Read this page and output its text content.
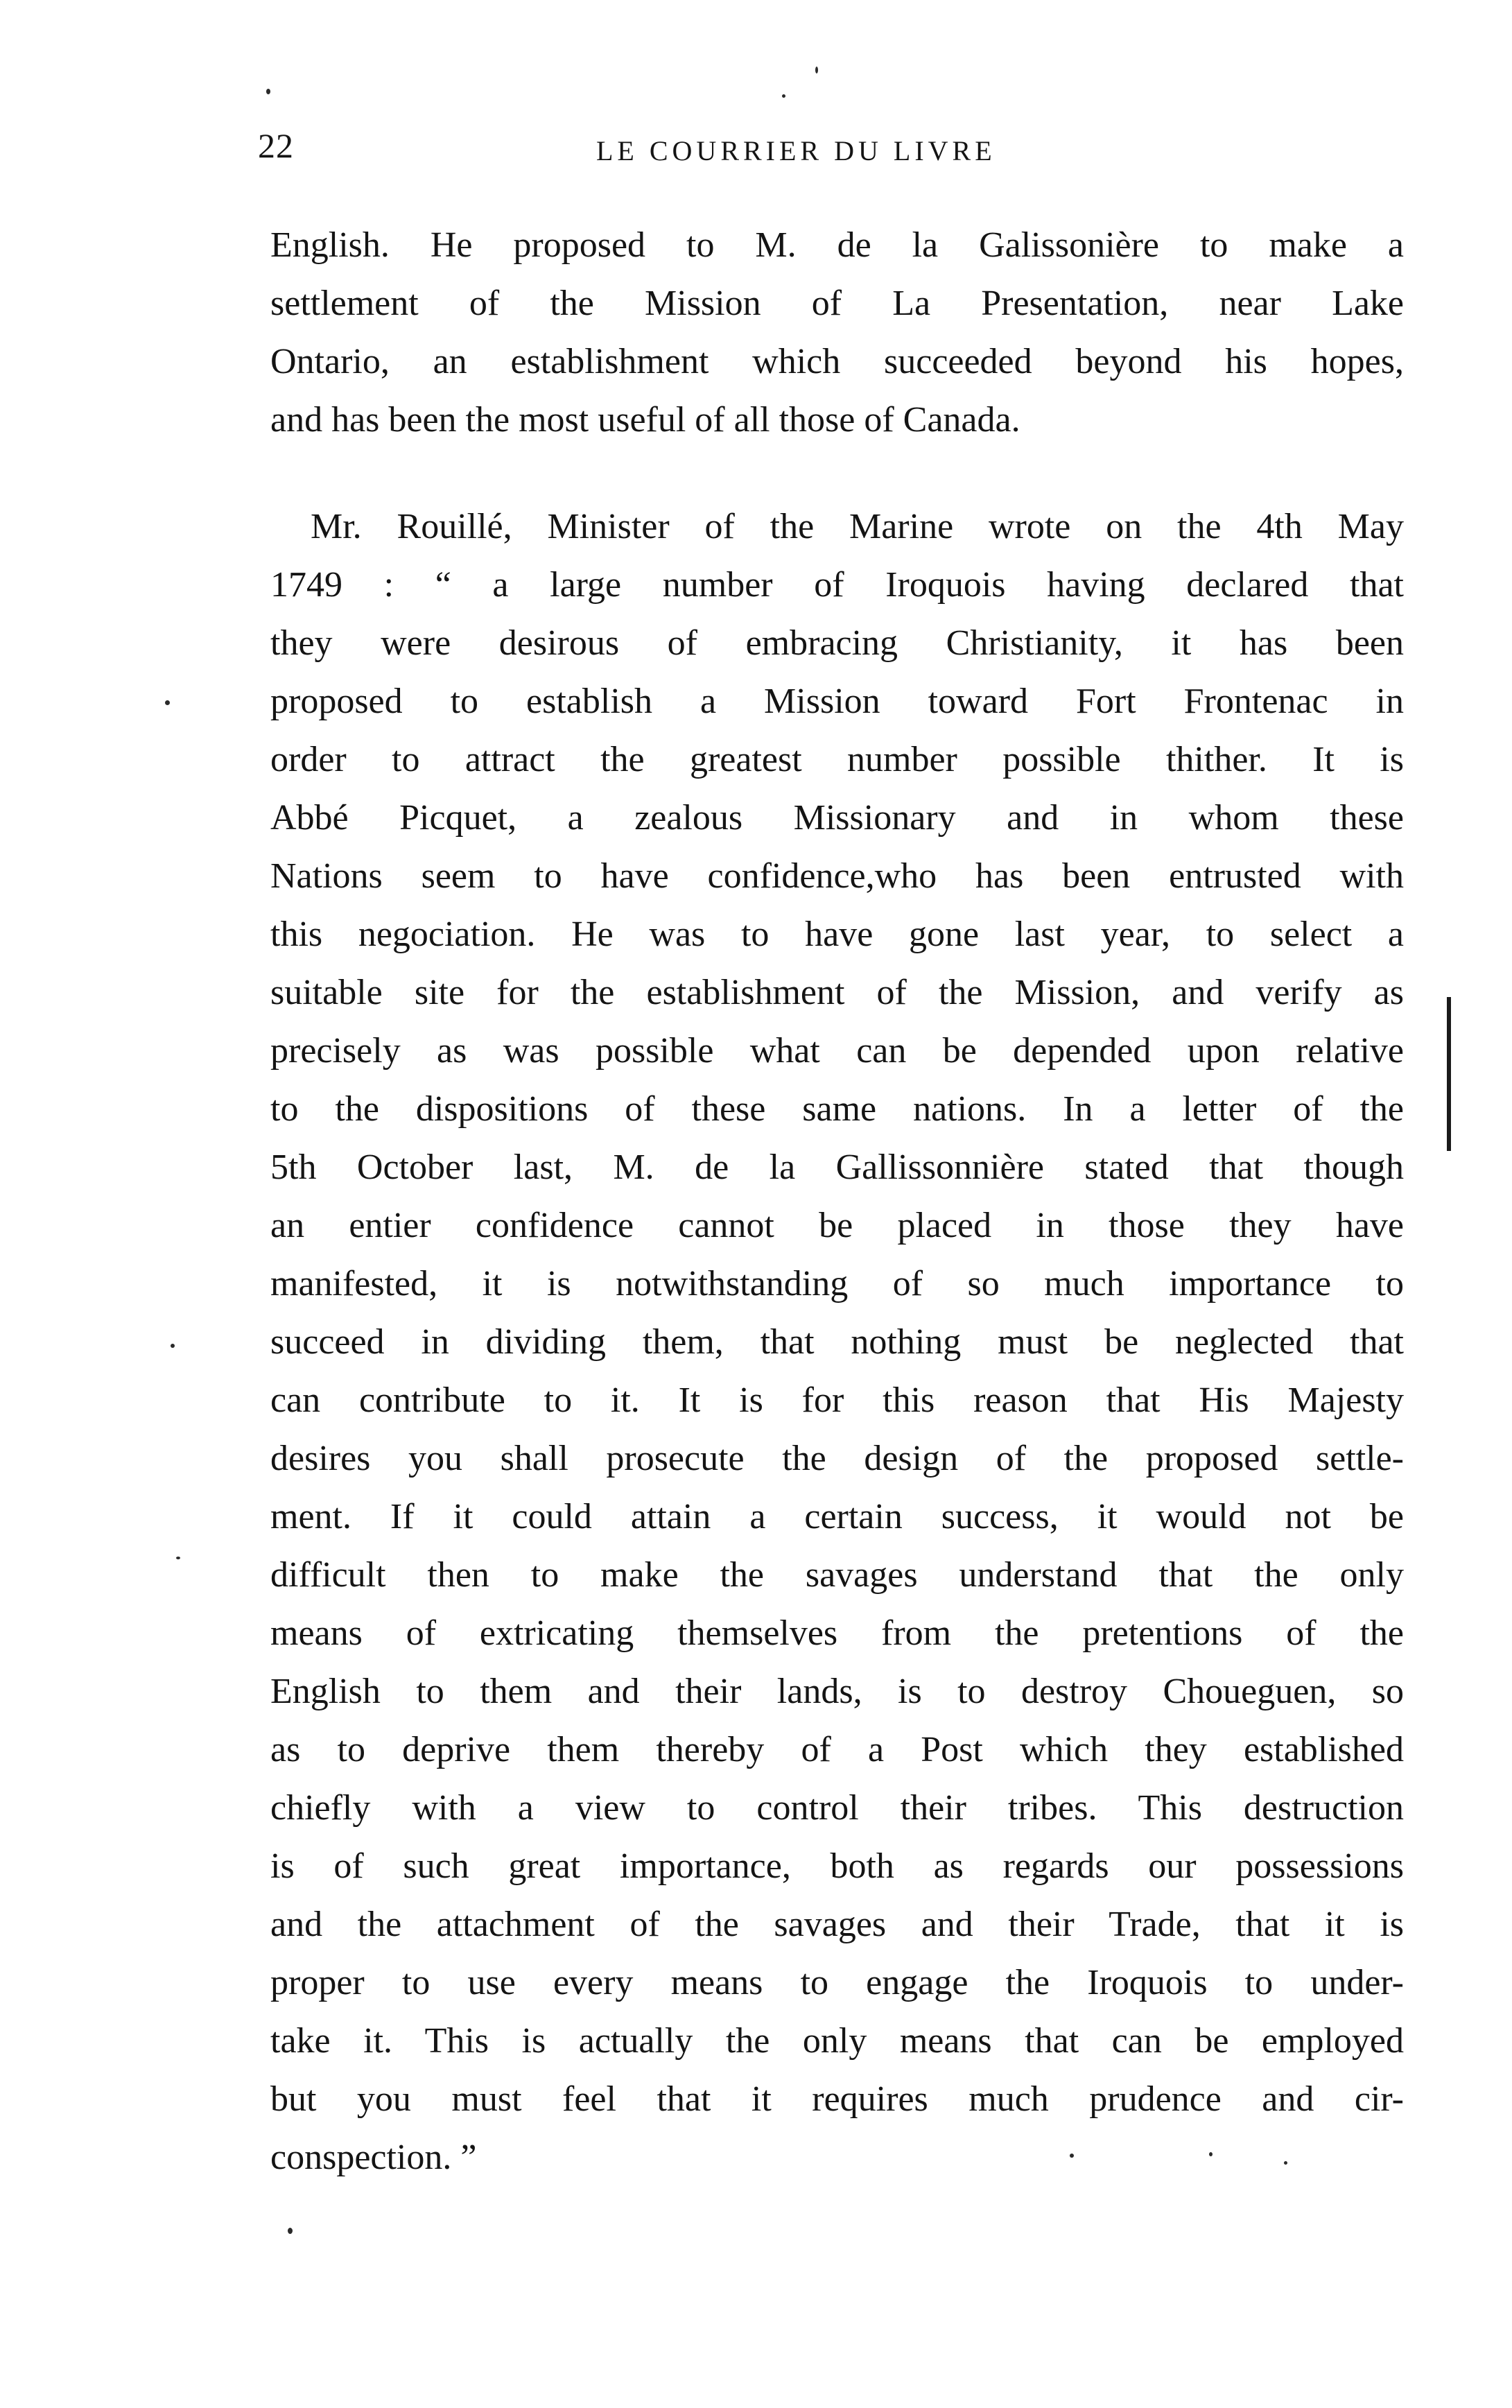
22	LE COURRIER DU LIVRE
English. He proposed to M. de la Galissonière to make a
settlement of the Mission of La Presentation, near Lake
Ontario, an establishment which succeeded beyond his hopes,
and has been the most useful of all those of Canada.
Mr. Rouillé, Minister of the Marine wrote on the 4th May
1749 : “ a large number of Iroquois having declared that
they were desirous of embracing Christianity, it has been
proposed to establish a Mission toward Fort Frontenac in
order to attract the greatest number possible thither. It is
Abbé Picquet, a zealous Missionary and in whom these
Nations seem to have confidence,who has been entrusted with
this negociation. He was to have gone last year, to select a
suitable site for the establishment of the Mission, and verify as
precisely as was possible what can be depended upon relative
to the dispositions of these same nations. In a letter of the
5th October last, M. de la Gallissonnière stated that though
an entier confidence cannot be placed in those they have
manifested, it is notwithstanding of so much importance to
succeed in dividing them, that nothing must be neglected that
can contribute to it. It is for this reason that His Majesty
desires you shall prosecute the design of the proposed settle-
ment. If it could attain a certain success, it would not be
difficult then to make the savages understand that the only
means of extricating themselves from the pretentions of the
English to them and their lands, is to destroy Choueguen, so
as to deprive them thereby of a Post which they established
chiefly with a view to control their tribes. This destruction
is of such great importance, both as regards our possessions
and the attachment of the savages and their Trade, that it is
proper to use every means to engage the Iroquois to under-
take it. This is actually the only means that can be employed
but you must feel that it requires much prudence and cir-
conspection. ”
